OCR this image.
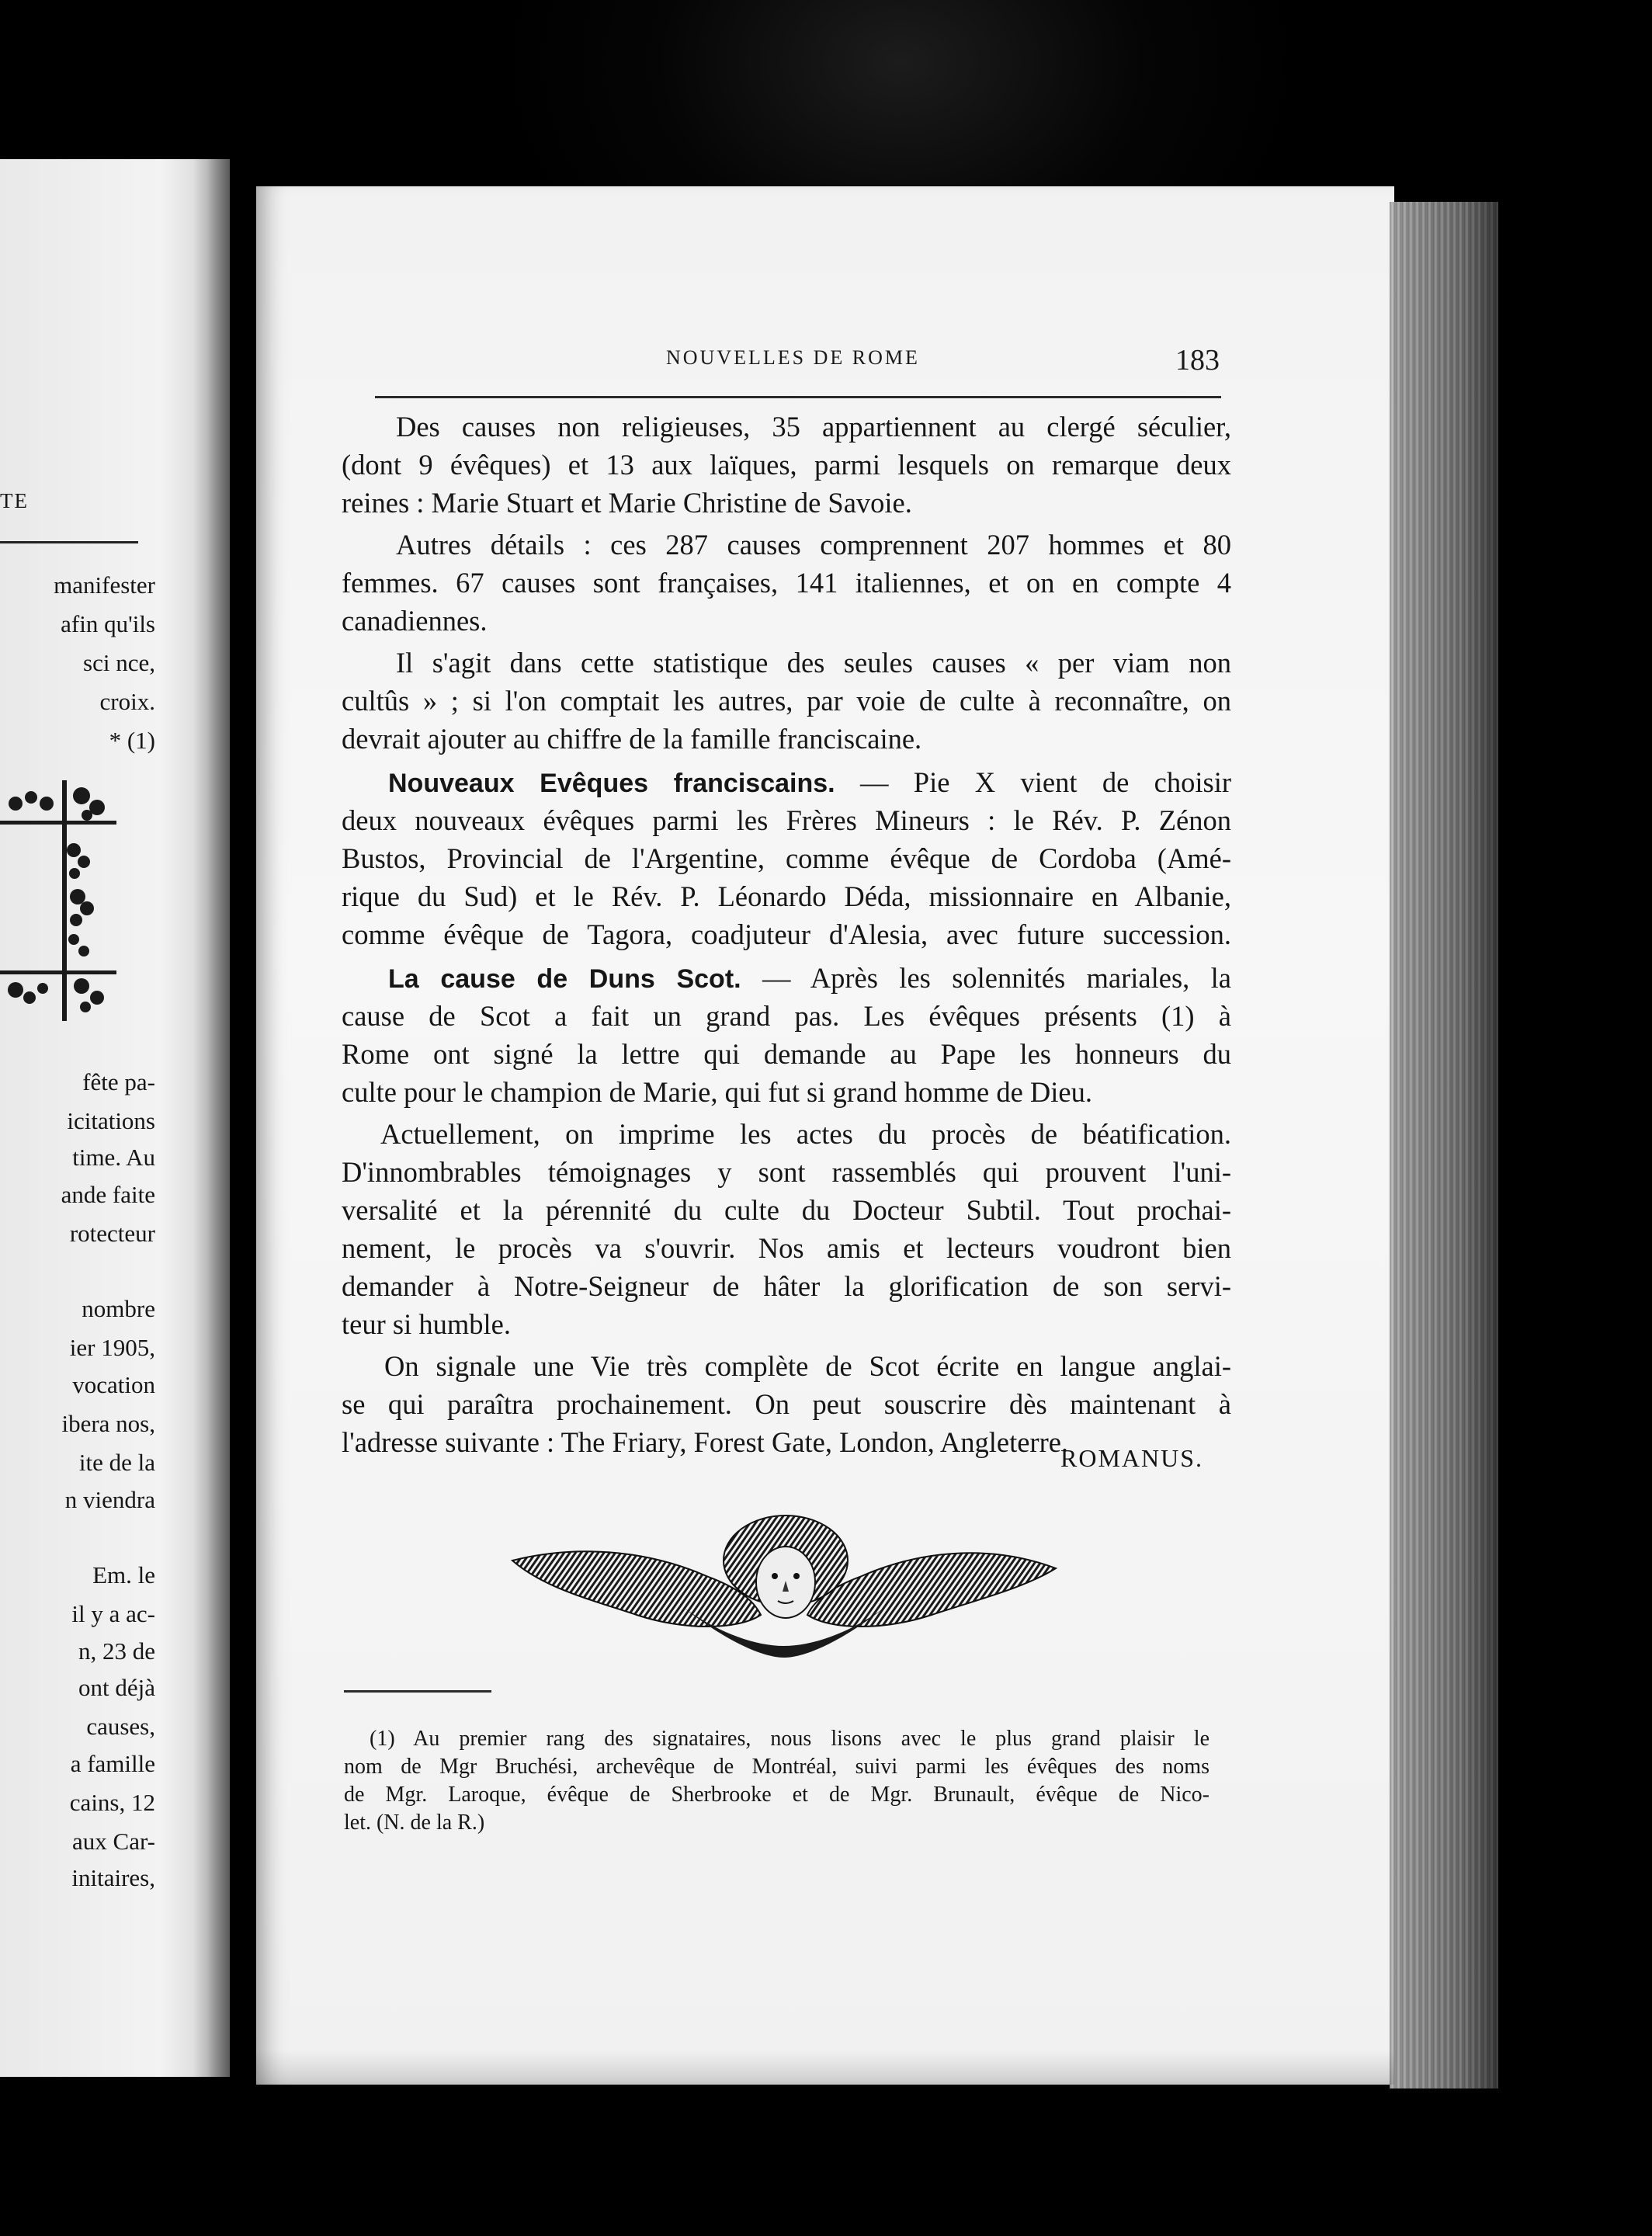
TE
manifester
afin qu'ils
sci nce,
croix.
* (1)
fête pa-
icitations
time. Au
ande faite
rotecteur
nombre
ier 1905,
vocation
ibera nos,
ite de la
n viendra
Em. le
il y a ac-
n, 23 de
ont déjà
causes,
a famille
cains, 12
aux Car-
initaires,
NOUVELLES DE ROME	183
Des causes non religieuses, 35 appartiennent au clergé séculier,
(dont 9 évêques) et 13 aux laïques, parmi lesquels on remarque deux
reines : Marie Stuart et Marie Christine de Savoie.
Autres détails : ces 287 causes comprennent 207 hommes et 80
femmes. 67 causes sont françaises, 141 italiennes, et on en compte 4
canadiennes.
Il s'agit dans cette statistique des seules causes « per viam non
cultûs » ; si l'on comptait les autres, par voie de culte à reconnaître, on
devrait ajouter au chiffre de la famille franciscaine.
Nouveaux Evêques franciscains. — Pie X vient de choisir
deux nouveaux évêques parmi les Frères Mineurs : le Rév. P. Zénon
Bustos, Provincial de l'Argentine, comme évêque de Cordoba (Amé-
rique du Sud) et le Rév. P. Léonardo Déda, missionnaire en Albanie,
comme évêque de Tagora, coadjuteur d'Alesia, avec future succession.
La cause de Duns Scot. — Après les solennités mariales, la
cause de Scot a fait un grand pas. Les évêques présents (1) à
Rome ont signé la lettre qui demande au Pape les honneurs du
culte pour le champion de Marie, qui fut si grand homme de Dieu.
Actuellement, on imprime les actes du procès de béatification.
D'innombrables témoignages y sont rassemblés qui prouvent l'uni-
versalité et la pérennité du culte du Docteur Subtil. Tout prochai-
nement, le procès va s'ouvrir. Nos amis et lecteurs voudront bien
demander à Notre-Seigneur de hâter la glorification de son servi-
teur si humble.
On signale une Vie très complète de Scot écrite en langue anglai-
se qui paraîtra prochainement. On peut souscrire dès maintenant à
l'adresse suivante : The Friary, Forest Gate, London, Angleterre.
ROMANUS.
(1) Au premier rang des signataires, nous lisons avec le plus grand plaisir le
nom de Mgr Bruchési, archevêque de Montréal, suivi parmi les évêques des noms
de Mgr. Laroque, évêque de Sherbrooke et de Mgr. Brunault, évêque de Nico-
let. (N. de la R.)
